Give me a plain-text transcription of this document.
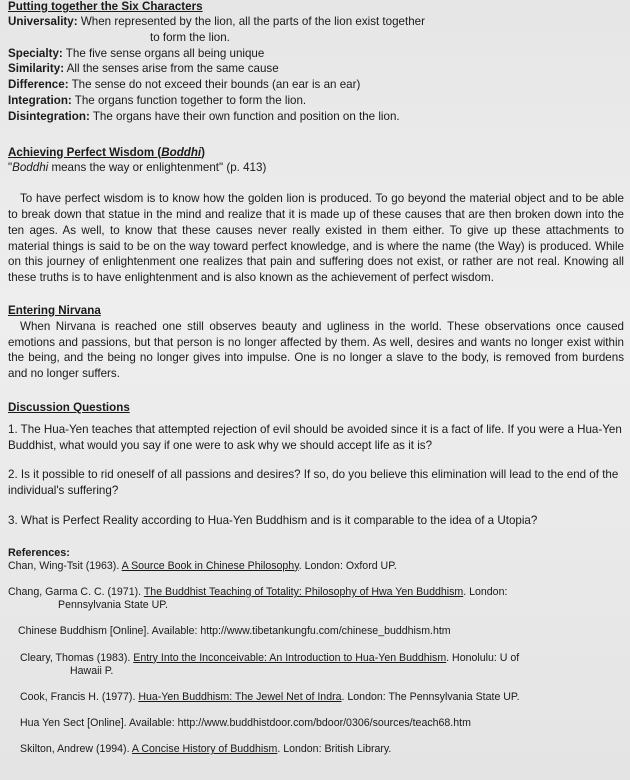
Putting together the Six Characters

Universality: When represented by the lion, all the parts of the lion exist together

to form the lion.

Specialty: The five sense organs all being unique

Similarity: All the senses arise from the same cause

Difference: The sense do not exceed their bounds (an ear is an ear)

Integration: The organs function together to form the lion.

Disintegration: The organs have their own function and position on the lion.

Achieving Perfect Wisdom (Boddhi)

"Boddhi means the way or enlightenment" (p. 413)

To have perfect wisdom is to know how the golden lion is produced. To go beyond the material object and to be able to break down that statue in the mind and realize that it is made up of these causes that are then broken down into the ten ages. As well, to know that these causes never really existed in them either. To give up these attachments to material things is said to be on the way toward perfect knowledge, and is where the name (the Way) is produced. While on this journey of enlightenment one realizes that pain and suffering does not exist, or rather are not real. Knowing all these truths is to have enlightenment and is also known as the achievement of perfect wisdom.

Entering Nirvana

When Nirvana is reached one still observes beauty and ugliness in the world. These observations once caused emotions and passions, but that person is no longer affected by them. As well, desires and wants no longer exist within the being, and the being no longer gives into impulse. One is no longer a slave to the body, is removed from burdens and no longer suffers.

Discussion Questions

1. The Hua-Yen teaches that attempted rejection of evil should be avoided since it is a fact of life. If you were a Hua-Yen Buddhist, what would you say if one were to ask why we should accept life as it is?

2. Is it possible to rid oneself of all passions and desires? If so, do you believe this elimination will lead to the end of the individual's suffering?

3. What is Perfect Reality according to Hua-Yen Buddhism and is it comparable to the idea of a Utopia?

References:

Chan, Wing-Tsit (1963). A Source Book in Chinese Philosophy. London: Oxford UP.

Chang, Garma C. C. (1971). The Buddhist Teaching of Totality: Philosophy of Hwa Yen Buddhism. London:
Pennsylvania State UP.

Chinese Buddhism [Online]. Available: http://www.tibetankungfu.com/chinese_buddhism.htm

Cleary, Thomas (1983). Entry Into the Inconceivable: An Introduction to Hua-Yen Buddhism. Honolulu: U of
Hawaii P.

Cook, Francis H. (1977). Hua-Yen Buddhism: The Jewel Net of Indra. London: The Pennsylvania State UP.

Hua Yen Sect [Online]. Available: http://www.buddhistdoor.com/bdoor/0306/sources/teach68.htm

Skilton, Andrew (1994). A Concise History of Buddhism. London: British Library.
